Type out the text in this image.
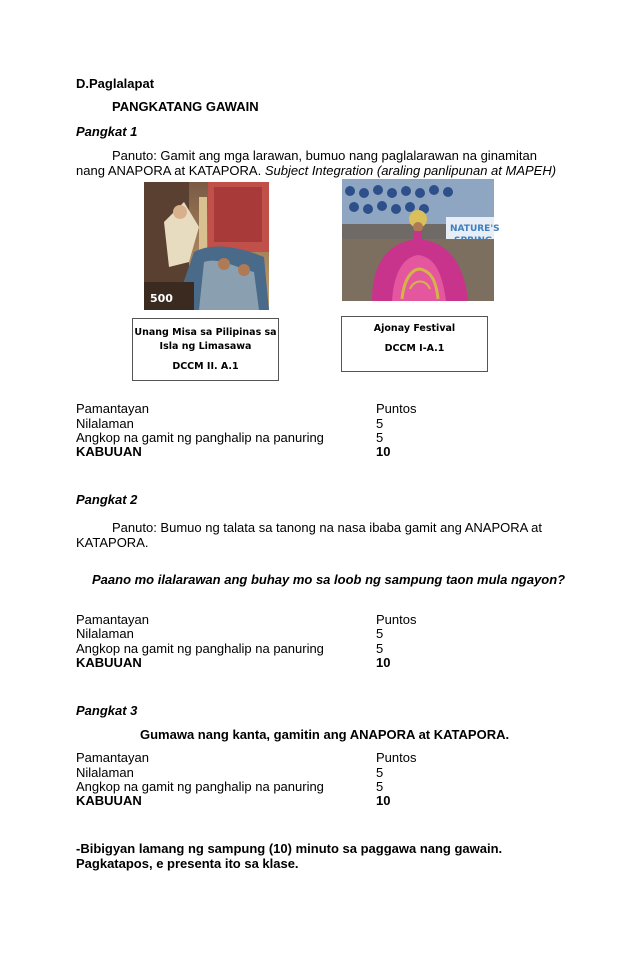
D.Paglalapat
PANGKATANG GAWAIN
Pangkat 1
Panuto: Gamit ang mga larawan, bumuo nang paglalarawan na ginamitan nang ANAPORA at KATAPORA. Subject Integration (araling panlipunan at MAPEH)
500
NATURE'S
Unang Misa sa Pilipinas sa
Isla ng Limasawa
DCCM II. A.1
Ajonay Festival
DCCM I-A.1
Pamantayan	Puntos
Nilalaman	5
Angkop na gamit ng panghalip na panuring	5
KABUUAN	10
Pangkat 2
Panuto: Bumuo ng talata sa tanong na nasa ibaba gamit ang ANAPORA at KATAPORA.
Paano mo ilalarawan ang buhay mo sa loob ng sampung taon mula ngayon?
Pamantayan	Puntos
Nilalaman	5
Angkop na gamit ng panghalip na panuring	5
KABUUAN	10
Pangkat 3
Gumawa nang kanta, gamitin ang ANAPORA at KATAPORA.
Pamantayan	Puntos
Nilalaman	5
Angkop na gamit ng panghalip na panuring	5
KABUUAN	10
-Bibigyan lamang ng sampung (10) minuto sa paggawa nang gawain. Pagkatapos, e presenta ito sa klase.
